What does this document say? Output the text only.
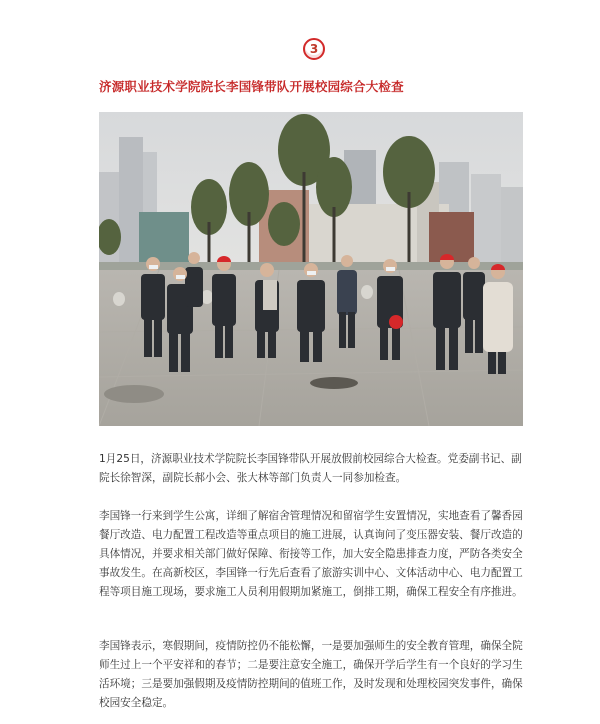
3
济源职业技术学院院长李国锋带队开展校园综合大检查

1月25日，济源职业技术学院院长李国锋带队开展放假前校园综合大检查。党委副书记、副院长徐智深，副院长郝小会、张大林等部门负责人一同参加检查。

李国锋一行来到学生公寓，详细了解宿舍管理情况和留宿学生安置情况，实地查看了馨香园餐厅改造、电力配置工程改造等重点项目的施工进展，认真询问了变压器安装、餐厅改造的具体情况，并要求相关部门做好保障、衔接等工作，加大安全隐患排查力度，严防各类安全事故发生。在高新校区，李国锋一行先后查看了旅游实训中心、文体活动中心、电力配置工程等项目施工现场，要求施工人员利用假期加紧施工，倒排工期，确保工程安全有序推进。

李国锋表示，寒假期间，疫情防控仍不能松懈，一是要加强师生的安全教育管理，确保全院师生过上一个平安祥和的春节；二是要注意安全施工，确保开学后学生有一个良好的学习生活环境；三是要加强假期及疫情防控期间的值班工作，及时发现和处理校园突发事件，确保校园安全稳定。
